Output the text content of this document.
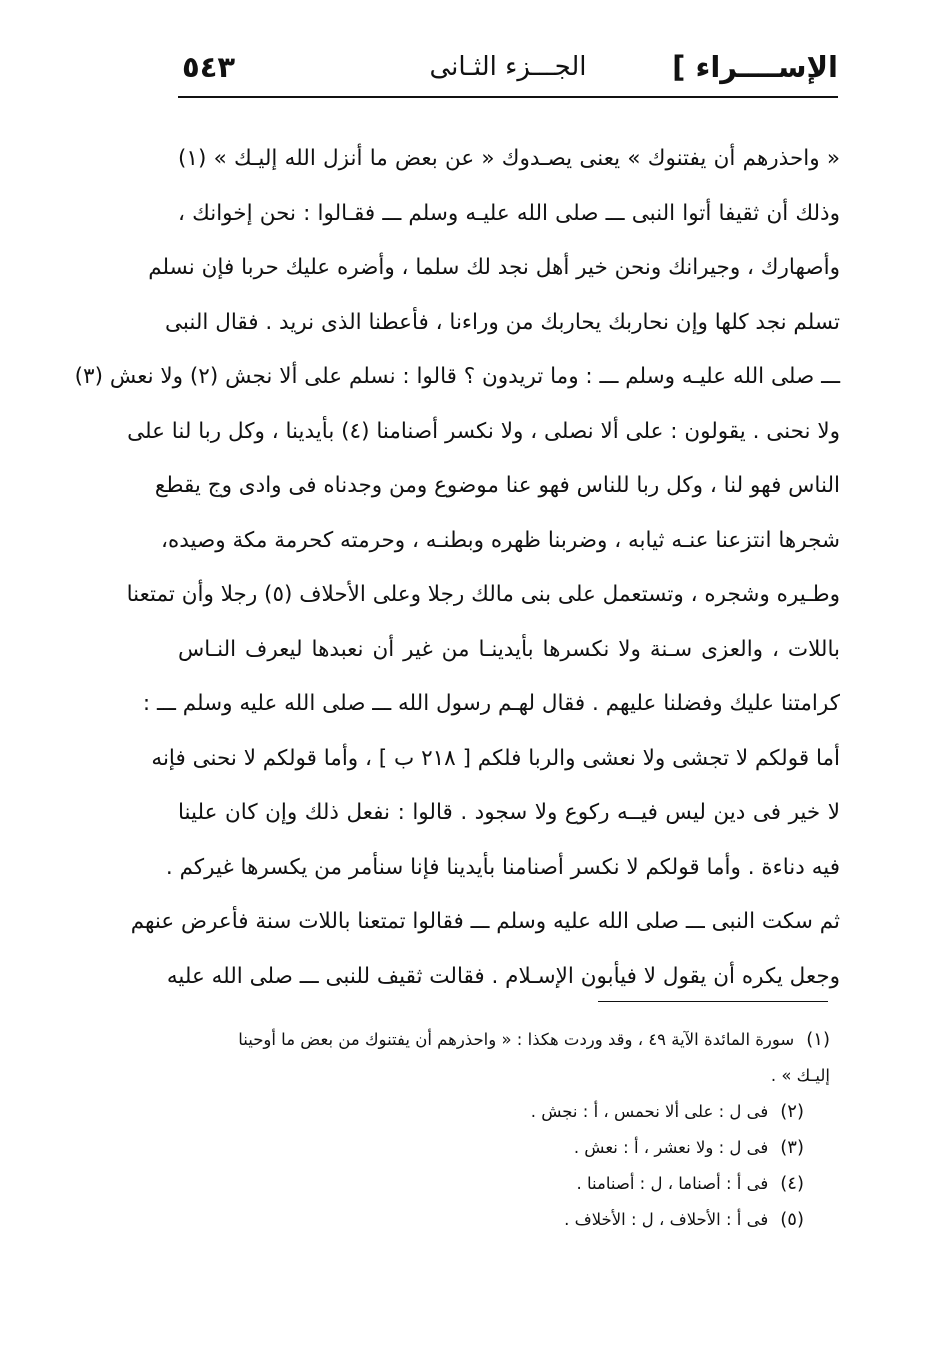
الإســــراء ]
الجـــزء الثـانى
٥٤٣
« واحذرهم أن يفتنوك » يعنى يصـدوك « عن بعض ما أنزل الله إليـك » (١)
وذلك أن ثقيفا أتوا النبى ـــ صلى الله عليـه وسلم ـــ فقـالوا : نحن إخوانك ،
وأصهارك ، وجيرانك ونحن خير أهل نجد لك سلما ، وأضره عليك حربا فإن نسلم
تسلم نجد كلها وإن نحاربك يحاربك من وراءنا ، فأعطنا الذى نريد . فقال النبى
ـــ صلى الله عليـه وسلم ـــ : وما تريدون ؟ قالوا : نسلم على ألا نجش (٢) ولا نعش (٣)
ولا نحنى . يقولون : على ألا نصلى ، ولا نكسر أصنامنا (٤) بأيدينا ، وكل ربا لنا على
الناس فهو لنا ، وكل ربا للناس فهو عنا موضوع ومن وجدناه فى وادى وج يقطع
شجرها انتزعنا عنـه ثيابه ، وضربنا ظهره وبطنـه ، وحرمته كحرمة مكة وصيده،
وطـيره وشجره ، وتستعمل على بنى مالك رجلا وعلى الأحلاف (٥) رجلا وأن تمتعنا
باللات ، والعزى سـنة ولا نكسرها بأيدينـا من غير أن نعبدها ليعرف النـاس
كرامتنا عليك وفضلنا عليهم . فقال لهـم رسول الله ـــ صلى الله عليه وسلم ـــ :
أما قولكم لا تجشى ولا نعشى والربا فلكم [ ٢١٨ ب ] ، وأما قولكم لا نحنى فإنه
لا خير فى دين ليس فيــه ركوع ولا سجود . قالوا : نفعل ذلك وإن كان علينا
فيه دناءة . وأما قولكم لا نكسر أصنامنا بأيدينا فإنا سنأمر من يكسرها غيركم .
ثم سكت النبى ـــ صلى الله عليه وسلم ـــ فقالوا تمتعنا باللات سنة فأعرض عنهم
وجعل يكره أن يقول لا فيأبون الإسـلام . فقالت ثقيف للنبى ـــ صلى الله عليه
(١)سورة المائدة الآية ٤٩ ، وقد وردت هكذا : « واحذرهم أن يفتنوك من بعض ما أوحينا
إليـك » .
(٢)فى ل : على ألا نحمس ، أ : نجش .
(٣)فى ل : ولا نعشر ، أ : نعش .
(٤)فى أ : أصناما ، ل : أصنامنا .
(٥)فى أ : الأحلاف ، ل : الأخلاف .
